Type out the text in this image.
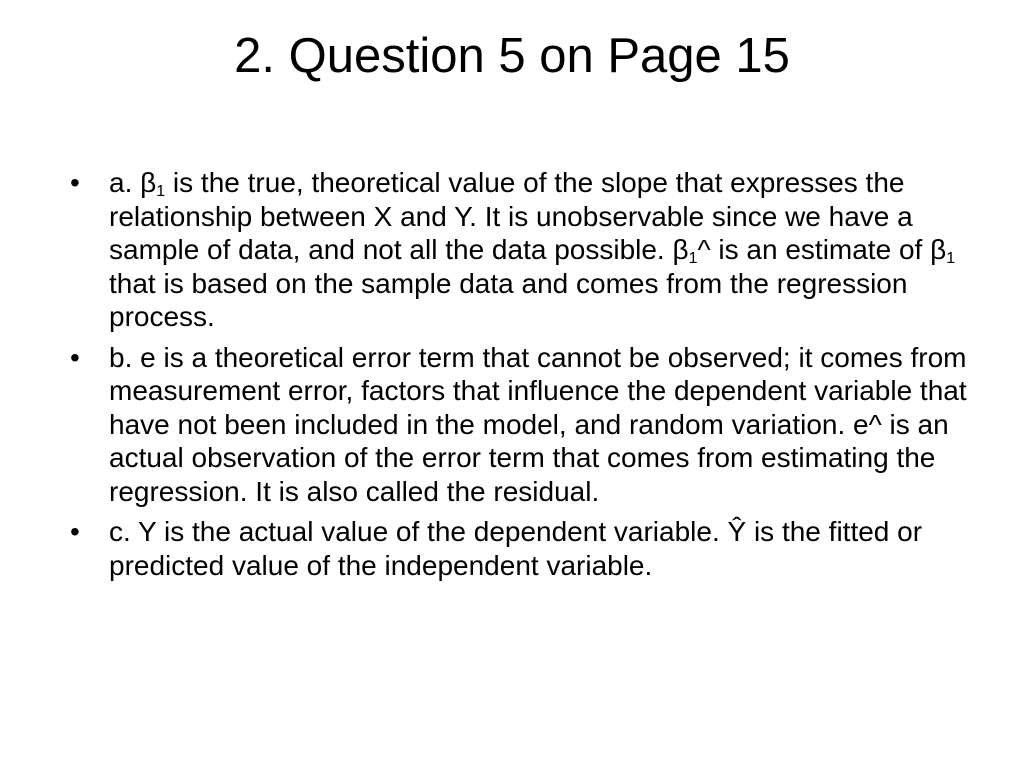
2. Question 5 on Page 15
• a. $\beta_1$ is the true, theoretical value of the slope that expresses the relationship between X and Y. It is unobservable since we have a sample of data, and not all the data possible. $\beta_1\^{}$ is an estimate of $\beta_1$ that is based on the sample data and comes from the regression process.
• b. e is a theoretical error term that cannot be observed; it comes from measurement error, factors that influence the dependent variable that have not been included in the model, and random variation. e^ is an actual observation of the error term that comes from estimating the regression. It is also called the residual.
• c. Y is the actual value of the dependent variable. Ŷ is the fitted or predicted value of the independent variable.
